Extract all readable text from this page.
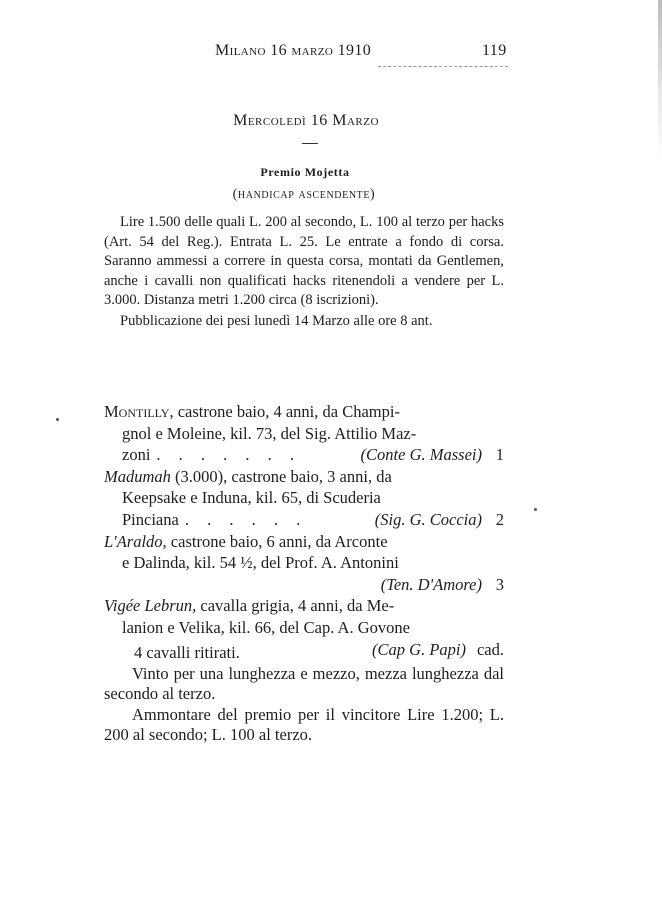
Milano 16 marzo 1910	119
Mercoledì 16 Marzo
Premio Mojetta
(handicap ascendente)

Lire 1.500 delle quali L. 200 al secondo, L. 100 al terzo per hacks (Art. 54 del Reg.). Entrata L. 25. Le entrate a fondo di corsa. Saranno ammessi a correre in questa corsa, montati da Gentlemen, anche i cavalli non qualificati hacks ritenendoli a vendere per L. 3.000. Distanza metri 1.200 circa (8 iscrizioni).

Pubblicazione dei pesi lunedì 14 Marzo alle ore 8 ant.

Montilly, castrone baio, 4 anni, da Champi-
gnol e Moleine, kil. 73, del Sig. Attilio Maz-
zoni . . . . . . .	(Conte G. Massei) 1
Madumah (3.000), castrone baio, 3 anni, da
Keepsake e Induna, kil. 65, di Scuderia
Pinciana . . . . . .	(Sig. G. Coccia) 2
L'Araldo, castrone baio, 6 anni, da Arconte
e Dalinda, kil. 54 ½, del Prof. A. Antonini
(Ten. D'Amore) 3
Vigée Lebrun, cavalla grigia, 4 anni, da Me-
lanion e Velika, kil. 66, del Cap. A. Govone
(Cap G. Papi) cad.

4 cavalli ritirati.

Vinto per una lunghezza e mezzo, mezza lunghezza dal secondo al terzo.

Ammontare del premio per il vincitore Lire 1.200; L. 200 al secondo; L. 100 al terzo.
